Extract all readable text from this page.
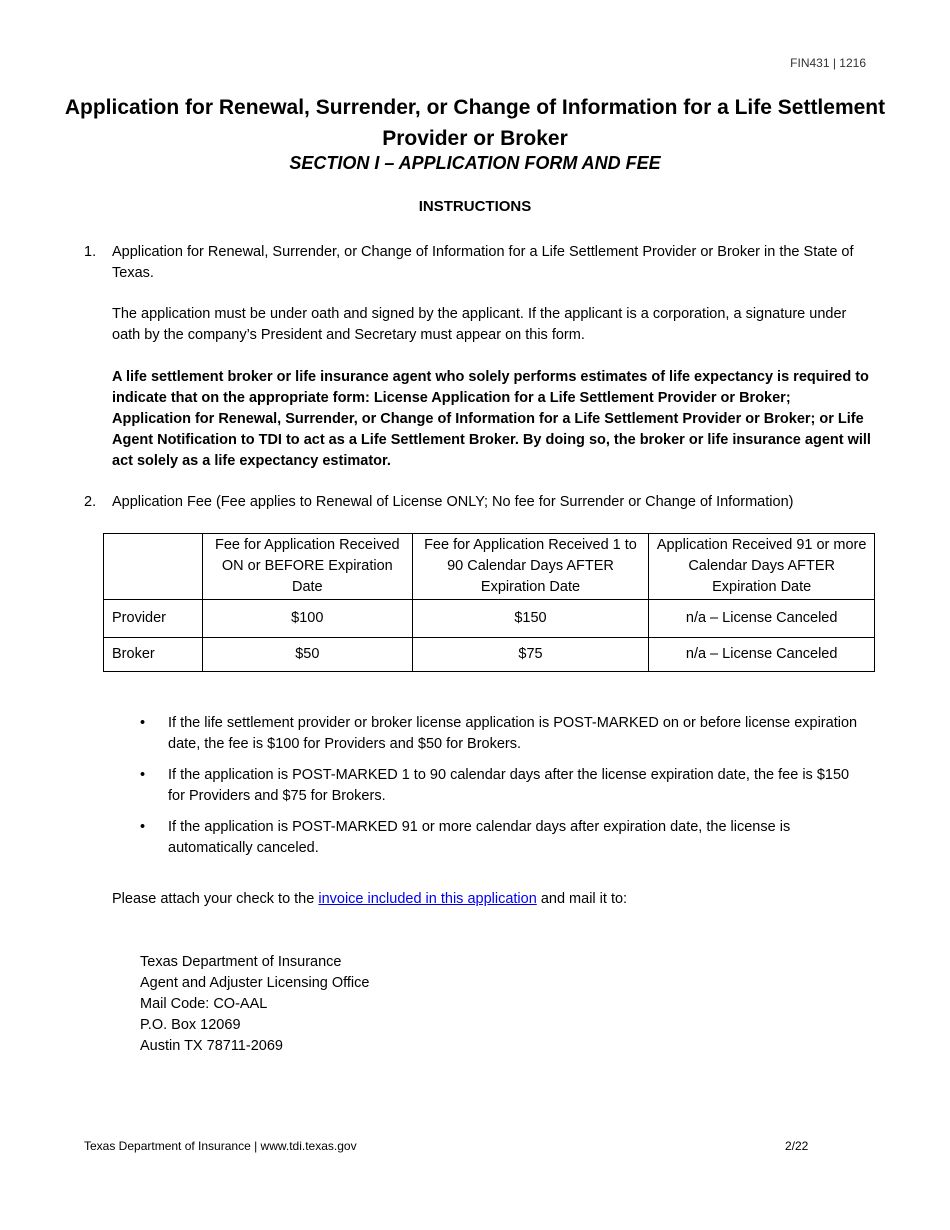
FIN431 | 1216
Application for Renewal, Surrender, or Change of Information for a Life Settlement Provider or Broker
SECTION I – APPLICATION FORM AND FEE
INSTRUCTIONS
1. Application for Renewal, Surrender, or Change of Information for a Life Settlement Provider or Broker in the State of Texas.
The application must be under oath and signed by the applicant. If the applicant is a corporation, a signature under oath by the company’s President and Secretary must appear on this form.
A life settlement broker or life insurance agent who solely performs estimates of life expectancy is required to indicate that on the appropriate form: License Application for a Life Settlement Provider or Broker; Application for Renewal, Surrender, or Change of Information for a Life Settlement Provider or Broker; or Life Agent Notification to TDI to act as a Life Settlement Broker. By doing so, the broker or life insurance agent will act solely as a life expectancy estimator.
2. Application Fee (Fee applies to Renewal of License ONLY; No fee for Surrender or Change of Information)
	Fee for Application Received ON or BEFORE Expiration Date	Fee for Application Received 1 to 90 Calendar Days AFTER Expiration Date	Application Received 91 or more Calendar Days AFTER Expiration Date
Provider	$100	$150	n/a – License Canceled
Broker	$50	$75	n/a – License Canceled
• If the life settlement provider or broker license application is POST-MARKED on or before license expiration date, the fee is $100 for Providers and $50 for Brokers.
• If the application is POST-MARKED 1 to 90 calendar days after the license expiration date, the fee is $150 for Providers and $75 for Brokers.
• If the application is POST-MARKED 91 or more calendar days after expiration date, the license is automatically canceled.
Please attach your check to the invoice included in this application and mail it to:
Texas Department of Insurance
Agent and Adjuster Licensing Office
Mail Code: CO-AAL
P.O. Box 12069
Austin TX 78711-2069
Texas Department of Insurance | www.tdi.texas.gov	2/22
